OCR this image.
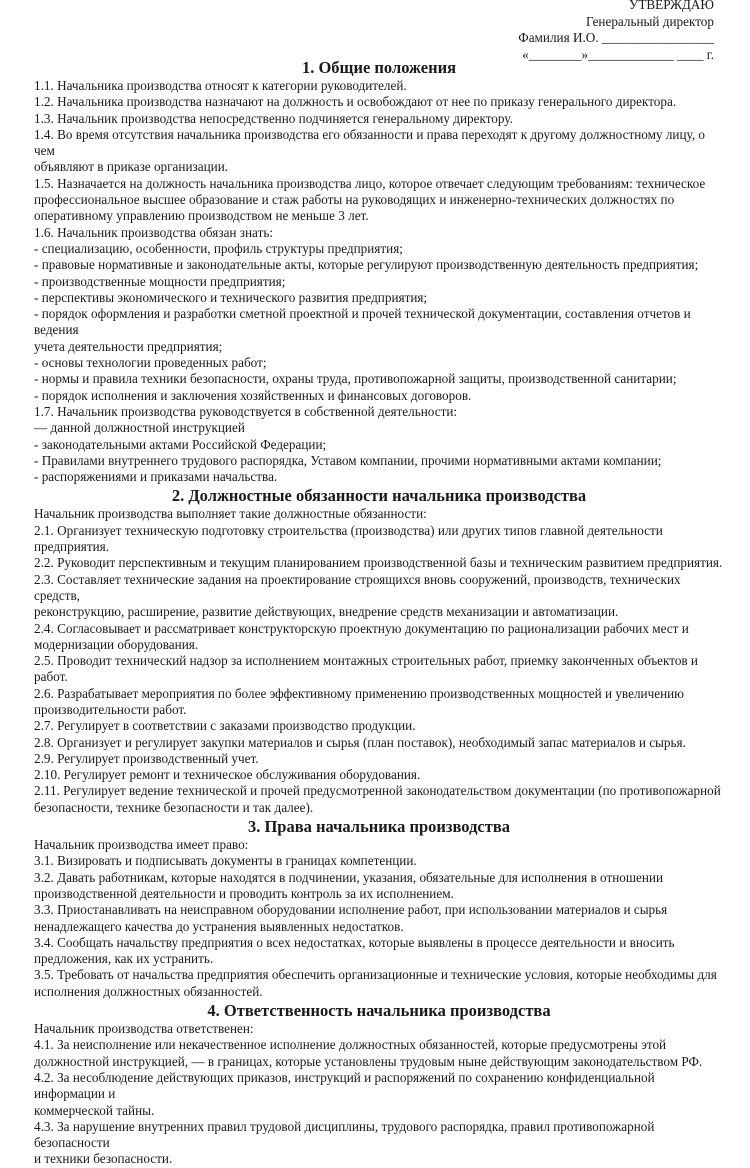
УТВЕРЖДАЮ
Генеральный директор
Фамилия И.О. _________________
«________»_____________ ____ г.
1. Общие положения
1.1. Начальника производства относят к категории руководителей.
1.2. Начальника производства назначают на должность и освобождают от нее по приказу генерального директора.
1.3. Начальник производства непосредственно подчиняется генеральному директору.
1.4. Во время отсутствия начальника производства его обязанности и права переходят к другому должностному лицу, о чем
объявляют в приказе организации.
1.5. Назначается на должность начальника производства лицо, которое отвечает следующим требованиям: техническое
профессиональное высшее образование и стаж работы на руководящих и инженерно-технических должностях по
оперативному управлению производством не меньше 3 лет.
1.6. Начальник производства обязан знать:
- специализацию, особенности, профиль структуры предприятия;
- правовые нормативные и законодательные акты, которые регулируют производственную деятельность предприятия;
- производственные мощности предприятия;
- перспективы экономического и технического развития предприятия;
- порядок оформления и разработки сметной проектной и прочей технической документации, составления отчетов и ведения
учета деятельности предприятия;
- основы технологии проведенных работ;
- нормы и правила техники безопасности, охраны труда, противопожарной защиты, производственной санитарии;
- порядок исполнения и заключения хозяйственных и финансовых договоров.
1.7. Начальник производства руководствуется в собственной деятельности:
— данной должностной инструкцией
- законодательными актами Российской Федерации;
- Правилами внутреннего трудового распорядка, Уставом компании, прочими нормативными актами компании;
- распоряжениями и приказами начальства.
2. Должностные обязанности начальника производства
Начальник производства выполняет такие должностные обязанности:
2.1. Организует техническую подготовку строительства (производства) или других типов главной деятельности предприятия.
2.2. Руководит перспективным и текущим планированием производственной базы и техническим развитием предприятия.
2.3. Составляет технические задания на проектирование строящихся вновь сооружений, производств, технических средств,
реконструкцию, расширение, развитие действующих, внедрение средств механизации и автоматизации.
2.4. Согласовывает и рассматривает конструкторскую проектную документацию по рационализации рабочих мест и
модернизации оборудования.
2.5. Проводит технический надзор за исполнением монтажных строительных работ, приемку законченных объектов и работ.
2.6. Разрабатывает мероприятия по более эффективному применению производственных мощностей и увеличению
производительности работ.
2.7. Регулирует в соответствии с заказами производство продукции.
2.8. Организует и регулирует закупки материалов и сырья (план поставок), необходимый запас материалов и сырья.
2.9. Регулирует производственный учет.
2.10. Регулирует ремонт и техническое обслуживания оборудования.
2.11. Регулирует ведение технической и прочей предусмотренной законодательством документации (по противопожарной
безопасности, технике безопасности и так далее).
3. Права начальника производства
Начальник производства имеет право:
3.1. Визировать и подписывать документы в границах компетенции.
3.2. Давать работникам, которые находятся в подчинении, указания, обязательные для исполнения в отношении
производственной деятельности и проводить контроль за их исполнением.
3.3. Приостанавливать на неисправном оборудовании исполнение работ, при использовании материалов и сырья
ненадлежащего качества до устранения выявленных недостатков.
3.4. Сообщать начальству предприятия о всех недостатках, которые выявлены в процессе деятельности и вносить
предложения, как их устранить.
3.5. Требовать от начальства предприятия обеспечить организационные и технические условия, которые необходимы для
исполнения должностных обязанностей.
4. Ответственность начальника производства
Начальник производства ответственен:
4.1. За неисполнение или некачественное исполнение должностных обязанностей, которые предусмотрены этой
должностной инструкцией, — в границах, которые установлены трудовым ныне действующим законодательством РФ.
4.2. За несоблюдение действующих приказов, инструкций и распоряжений по сохранению конфиденциальной информации и
коммерческой тайны.
4.3. За нарушение внутренних правил трудовой дисциплины, трудового распорядка, правил противопожарной безопасности
и техники безопасности.
